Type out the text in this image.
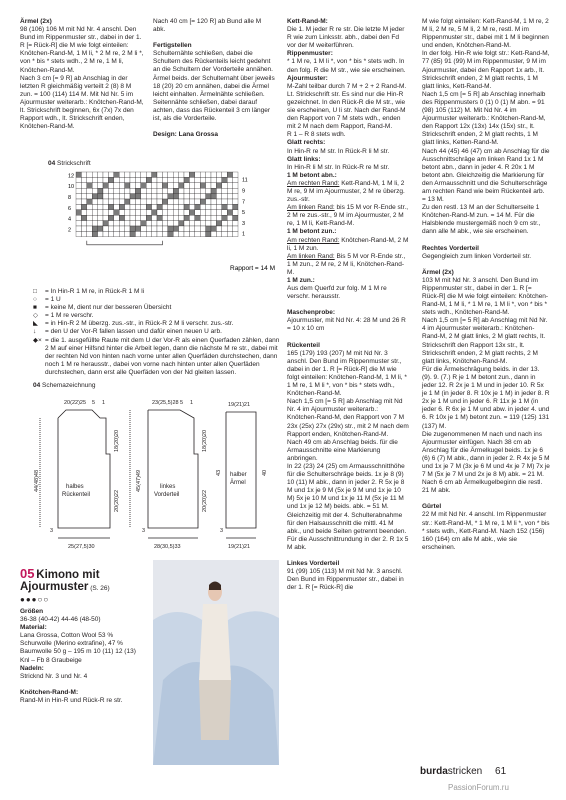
Ärmel (2x)

98 (106) 106 M mit Nd Nr. 4 anschl. Den Bund im Rippenmuster str., dabei in der 1. R [= Rück-R] die M wie folgt einteilen: Knötchen-Rand-M, 1 M li, * 2 M re, 2 M li *, von * bis * stets wdh., 2 M re, 1 M li, Knötchen-Rand-M.

Nach 3 cm [= 9 R] ab Anschlag in der letzten R gleichmäßig verteilt 2 (8) 8 M zun. = 100 (114) 114 M. Mit Nd Nr. 5 im Ajourmuster weiterarb.: Knötchen-Rand-M, lt. Strickschrift beginnen, 6x (7x) 7x den Rapport wdh., lt. Strickschrift enden, Knötchen-Rand-M.

Nach 40 cm [= 120 R] ab Bund alle M abk.

Fertigstellen

Schulternähte schließen, dabei die Schultern des Rückenteils leicht gedehnt an die Schultern der Vorderteile annähen. Ärmel beids. der Schulternaht über jeweils 18 (20) 20 cm annähen, dabei die Ärmel leicht einhalten. Ärmelnähte schließen. Seitennähte schließen, dabei darauf achten, dass das Rückenteil 3 cm länger ist, als die Vorderteile.

Design: Lana Grossa

04 Strickschrift
12
10
8
6
4
2
11
9
7
5
3
1
Rapport = 14 M
□	= In Hin-R 1 M re, in Rück-R 1 M li
○	= 1 U
■	= keine M, dient nur der besseren Übersicht
◇	= 1 M re verschr.
◣	= in Hin-R 2 M überzg. zus.-str., in Rück-R 2 M li verschr. zus.-str.
↓	= den U der Vor-R fallen lassen und dafür einen neuen U arb.
◆× = die 1. ausgefüllte Raute mit dem U der Vor-R als einen Querfaden zählen, dann 2 M auf einer Hilfsnd hinter die Arbeit legen, dann die nächste M re str., dabei mit der rechten Nd von hinten nach vorne unter allen Querfäden durchstechen, dann noch 1 M re herausstr., dabei von vorne nach hinten unter allen Querfäden durchstechen, dann erst alle Querfäden von der Nd gleiten lassen.
04 Schemazeichnung
20(22)25 5 1
44(48)48
18(20)20
20(20)22
25(27,5)30
3
halbes
Rückenteil
23(25,5)28 5 1
45(47)49
18(20)20
20(20)22
28(30,5)33
3
linkes
Vorderteil
19(21)21
43	40
19(21)21
3
halber
Ärmel
05 Kimono mit Ajourmuster (S. 26)
●●●○○

Größen

36-38 (40-42) 44-46 (48-50)

Material:

Lana Grossa, Cotton Wool 53 % Schurwolle (Merino extrafine), 47 % Baumwolle 50 g – 195 m 10 (11) 12 (13) Knl – Fb 8 Graubeige

Nadeln:

Stricknd Nr. 3 und Nr. 4

Knötchen-Rand-M:

Rand-M in Hin-R und Rück-R re str.

Kett-Rand-M:

Die 1. M jeder R re str. Die letzte M jeder R wie zum Linksstr. abh., dabei den Fd vor der M weiterführen.

Rippenmuster:

* 1 M re, 1 M li *, von * bis * stets wdh. In den folg. R die M str., wie sie erscheinen.

Ajourmuster:

M-Zahl teilbar durch 7 M + 2 + 2 Rand-M.

Lt. Strickschrift str. Es sind nur die Hin-R gezeichnet. In den Rück-R die M str., wie sie erscheinen, U li str. Nach der Rand-M den Rapport von 7 M stets wdh., enden mit 2 M nach dem Rapport, Rand-M.

R 1 – R 8 stets wdh.

Glatt rechts:

In Hin-R re M str. In Rück-R li M str.

Glatt links:

In Hin-R li M str. In Rück-R re M str.

1 M betont abn.:

Am rechten Rand: Kett-Rand-M, 1 M li, 2 M re, 9 M im Ajourmuster, 2 M re überzg. zus.-str.

Am linken Rand: bis 15 M vor R-Ende str., 2 M re zus.-str., 9 M im Ajourmuster, 2 M re, 1 M li, Kett-Rand-M.

1 M betont zun.:

Am rechten Rand: Knötchen-Rand-M, 2 M li, 1 M zun.

Am linken Rand: Bis 5 M vor R-Ende str., 1 M zun., 2 M re, 2 M li, Knötchen-Rand-M.

1 M zun.:

Aus dem Querfd zur folg. M 1 M re verschr. herausstr.

Maschenprobe:

Ajourmuster, mit Nd Nr. 4: 28 M und 26 R = 10 x 10 cm

Rückenteil

165 (179) 193 (207) M mit Nd Nr. 3 anschl. Den Bund im Rippenmuster str., dabei in der 1. R [= Rück-R] die M wie folgt einteilen: Knötchen-Rand-M, 1 M li, * 1 M re, 1 M li *, von * bis * stets wdh., Knötchen-Rand-M.

Nach 1,5 cm [= 5 R] ab Anschlag mit Nd Nr. 4 im Ajourmuster weiterarb.: Knötchen-Rand-M, den Rapport von 7 M 23x (25x) 27x (29x) str., mit 2 M nach dem Rapport enden, Knötchen-Rand-M.

Nach 49 cm ab Anschlag beids. für die Armausschnitte eine Markierung anbringen.

In 22 (23) 24 (25) cm Armausschnitthöhe für die Schulterschräge beids. 1x je 8 (9) 10 (11) M abk., dann in jeder 2. R 5x je 8 M und 1x je 9 M (5x je 9 M und 1x je 10 M) 5x je 10 M und 1x je 11 M (5x je 11 M und 1x je 12 M) beids. abk. = 51 M.

Gleichzeitig mit der 4. Schulterabnahme für den Halsausschnitt die mittl. 41 M abk., und beide Seiten getrennt beenden. Für die Ausschnittrundung in der 2. R 1x 5 M abk.

Linkes Vorderteil

91 (99) 105 (113) M mit Nd Nr. 3 anschl. Den Bund im Rippenmuster str., dabei in der 1. R [= Rück-R] die

M wie folgt einteilen: Kett-Rand-M, 1 M re, 2 M li, 2 M re, 5 M li, 2 M re, restl. M im Rippenmuster str., dabei mit 1 M li beginnen und enden, Knötchen-Rand-M.

In der folg. Hin-R wie folgt str.: Kett-Rand-M, 77 (85) 91 (99) M im Rippenmuster, 9 M im Ajourmuster, dabei den Rapport 1x arb., lt. Strickschrift enden, 2 M glatt rechts, 1 M glatt links, Kett-Rand-M.

Nach 1,5 cm [= 5 R] ab Anschlag innerhalb des Rippenmusters 0 (1) 0 (1) M abn. = 91 (98) 105 (112) M. Mit Nd Nr. 4 im Ajourmuster weiterarb.: Knötchen-Rand-M, den Rapport 12x (13x) 14x (15x) str., lt. Strickschrift enden, 2 M glatt rechts, 1 M glatt links, Ketten-Rand-M.

Nach 44 (45) 46 (47) cm ab Anschlag für die Ausschnittschräge am linken Rand 1x 1 M betont abn., dann in jeder 4. R 20x 1 M betont abn. Gleichzeitig die Markierung für den Armausschnitt und die Schulterschräge am rechten Rand wie beim Rückenteil arb. = 13 M.

Zu den restl. 13 M an der Schulterseite 1 Knötchen-Rand-M zun. = 14 M. Für die Halsblende mustergemäß noch 9 cm str., dann alle M abk., wie sie erscheinen.

Rechtes Vorderteil

Gegengleich zum linken Vorderteil str.

Ärmel (2x)

103 M mit Nd Nr. 3 anschl. Den Bund im Rippenmuster str., dabei in der 1. R [= Rück-R] die M wie folgt einteilen: Knötchen-Rand-M, 1 M li, * 1 M re, 1 M li *, von * bis * stets wdh., Knötchen-Rand-M.

Nach 1,5 cm [= 5 R] ab Anschlag mit Nd Nr. 4 im Ajourmuster weiterarb.: Knötchen-Rand-M, 2 M glatt links, 2 M glatt rechts, lt. Strickschrift den Rapport 13x str., lt. Strickschrift enden, 2 M glatt rechts, 2 M glatt links, Knötchen-Rand-M.

Für die Ärmelschrägung beids. in der 13. (9). 9. (7.) R je 1 M betont zun., dann in jeder 12. R 2x je 1 M und in jeder 10. R 5x je 1 M (in jeder 8. R 10x je 1 M) in jeder 8. R 2x je 1 M und in jeder 6. R 11x je 1 M (in jeder 6. R 6x je 1 M und abw. in jeder 4. und 6. R 10x je 1 M) betont zun. = 119 (125) 131 (137) M.

Die zugenommenen M nach und nach ins Ajourmuster einfügen. Nach 38 cm ab Anschlag für die Ärmelkugel beids. 1x je 6 (6) 6 (7) M abk., dann in jeder 2. R 4x je 5 M und 1x je 7 M (3x je 6 M und 4x je 7 M) 7x je 7 M (5x je 7 M und 2x je 8 M) abk. = 21 M.

Nach 6 cm ab Ärmelkugelbeginn die restl. 21 M abk.

Gürtel

22 M mit Nd Nr. 4 anschl. Im Rippenmuster str.: Kett-Rand-M, * 1 M re, 1 M li *, von * bis * stets wdh., Kett-Rand-M. Nach 152 (156) 160 (164) cm alle M abk., wie sie erscheinen.

burdastricken 61
PassionForum.ru
